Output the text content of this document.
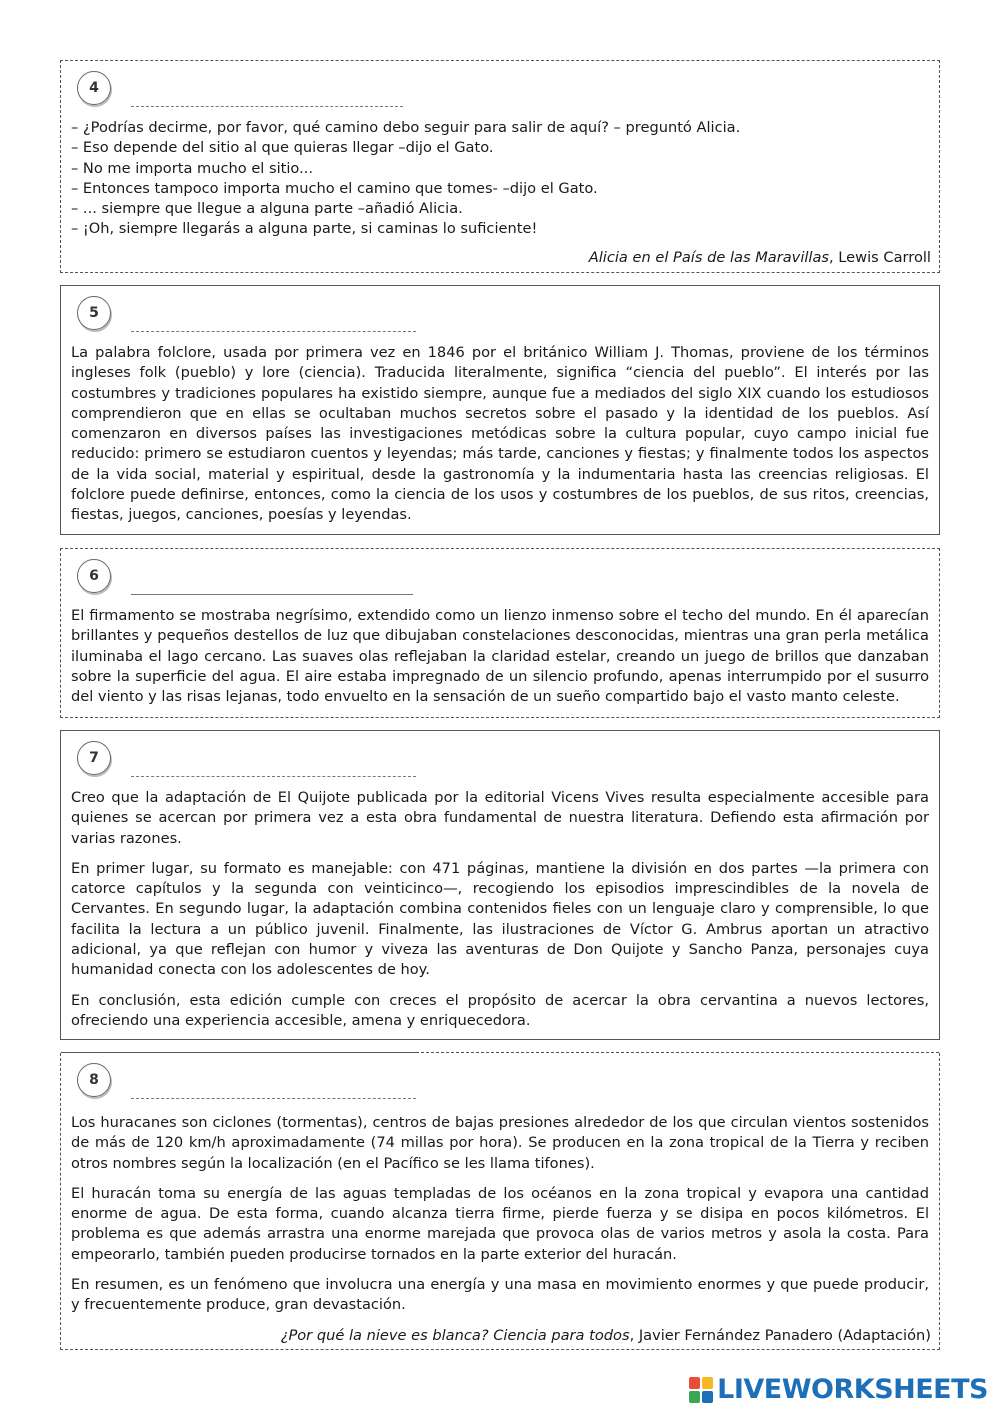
4
– ¿Podrías decirme, por favor, qué camino debo seguir para salir de aquí? – preguntó Alicia.
– Eso depende del sitio al que quieras llegar –dijo el Gato.
– No me importa mucho el sitio...
– Entonces tampoco importa mucho el camino que tomes- –dijo el Gato.
– ... siempre que llegue a alguna parte –añadió Alicia.
– ¡Oh, siempre llegarás a alguna parte, si caminas lo suficiente!
Alicia en el País de las Maravillas, Lewis Carroll
5

La palabra folclore, usada por primera vez en 1846 por el británico William J. Thomas, proviene de los términos ingleses folk (pueblo) y lore (ciencia). Traducida literalmente, significa “ciencia del pueblo”. El interés por las costumbres y tradiciones populares ha existido siempre, aunque fue a mediados del siglo XIX cuando los estudiosos comprendieron que en ellas se ocultaban muchos secretos sobre el pasado y la identidad de los pueblos. Así comenzaron en diversos países las investigaciones metódicas sobre la cultura popular, cuyo campo inicial fue reducido: primero se estudiaron cuentos y leyendas; más tarde, canciones y fiestas; y finalmente todos los aspectos de la vida social, material y espiritual, desde la gastronomía y la indumentaria hasta las creencias religiosas. El folclore puede definirse, entonces, como la ciencia de los usos y costumbres de los pueblos, de sus ritos, creencias, fiestas, juegos, canciones, poesías y leyendas.

6

El firmamento se mostraba negrísimo, extendido como un lienzo inmenso sobre el techo del mundo. En él aparecían brillantes y pequeños destellos de luz que dibujaban constelaciones desconocidas, mientras una gran perla metálica iluminaba el lago cercano. Las suaves olas reflejaban la claridad estelar, creando un juego de brillos que danzaban sobre la superficie del agua. El aire estaba impregnado de un silencio profundo, apenas interrumpido por el susurro del viento y las risas lejanas, todo envuelto en la sensación de un sueño compartido bajo el vasto manto celeste.

7

Creo que la adaptación de El Quijote publicada por la editorial Vicens Vives resulta especialmente accesible para quienes se acercan por primera vez a esta obra fundamental de nuestra literatura. Defiendo esta afirmación por varias razones.

En primer lugar, su formato es manejable: con 471 páginas, mantiene la división en dos partes —la primera con catorce capítulos y la segunda con veinticinco—, recogiendo los episodios imprescindibles de la novela de Cervantes. En segundo lugar, la adaptación combina contenidos fieles con un lenguaje claro y comprensible, lo que facilita la lectura a un público juvenil. Finalmente, las ilustraciones de Víctor G. Ambrus aportan un atractivo adicional, ya que reflejan con humor y viveza las aventuras de Don Quijote y Sancho Panza, personajes cuya humanidad conecta con los adolescentes de hoy.

En conclusión, esta edición cumple con creces el propósito de acercar la obra cervantina a nuevos lectores, ofreciendo una experiencia accesible, amena y enriquecedora.

8

Los huracanes son ciclones (tormentas), centros de bajas presiones alrededor de los que circulan vientos sostenidos de más de 120 km/h aproximadamente (74 millas por hora). Se producen en la zona tropical de la Tierra y reciben otros nombres según la localización (en el Pacífico se les llama tifones).

El huracán toma su energía de las aguas templadas de los océanos en la zona tropical y evapora una cantidad enorme de agua. De esta forma, cuando alcanza tierra firme, pierde fuerza y se disipa en pocos kilómetros. El problema es que además arrastra una enorme marejada que provoca olas de varios metros y asola la costa. Para empeorarlo, también pueden producirse tornados en la parte exterior del huracán.

En resumen, es un fenómeno que involucra una energía y una masa en movimiento enormes y que puede producir, y frecuentemente produce, gran devastación.

¿Por qué la nieve es blanca? Ciencia para todos, Javier Fernández Panadero (Adaptación)
LIVEWORKSHEETS
